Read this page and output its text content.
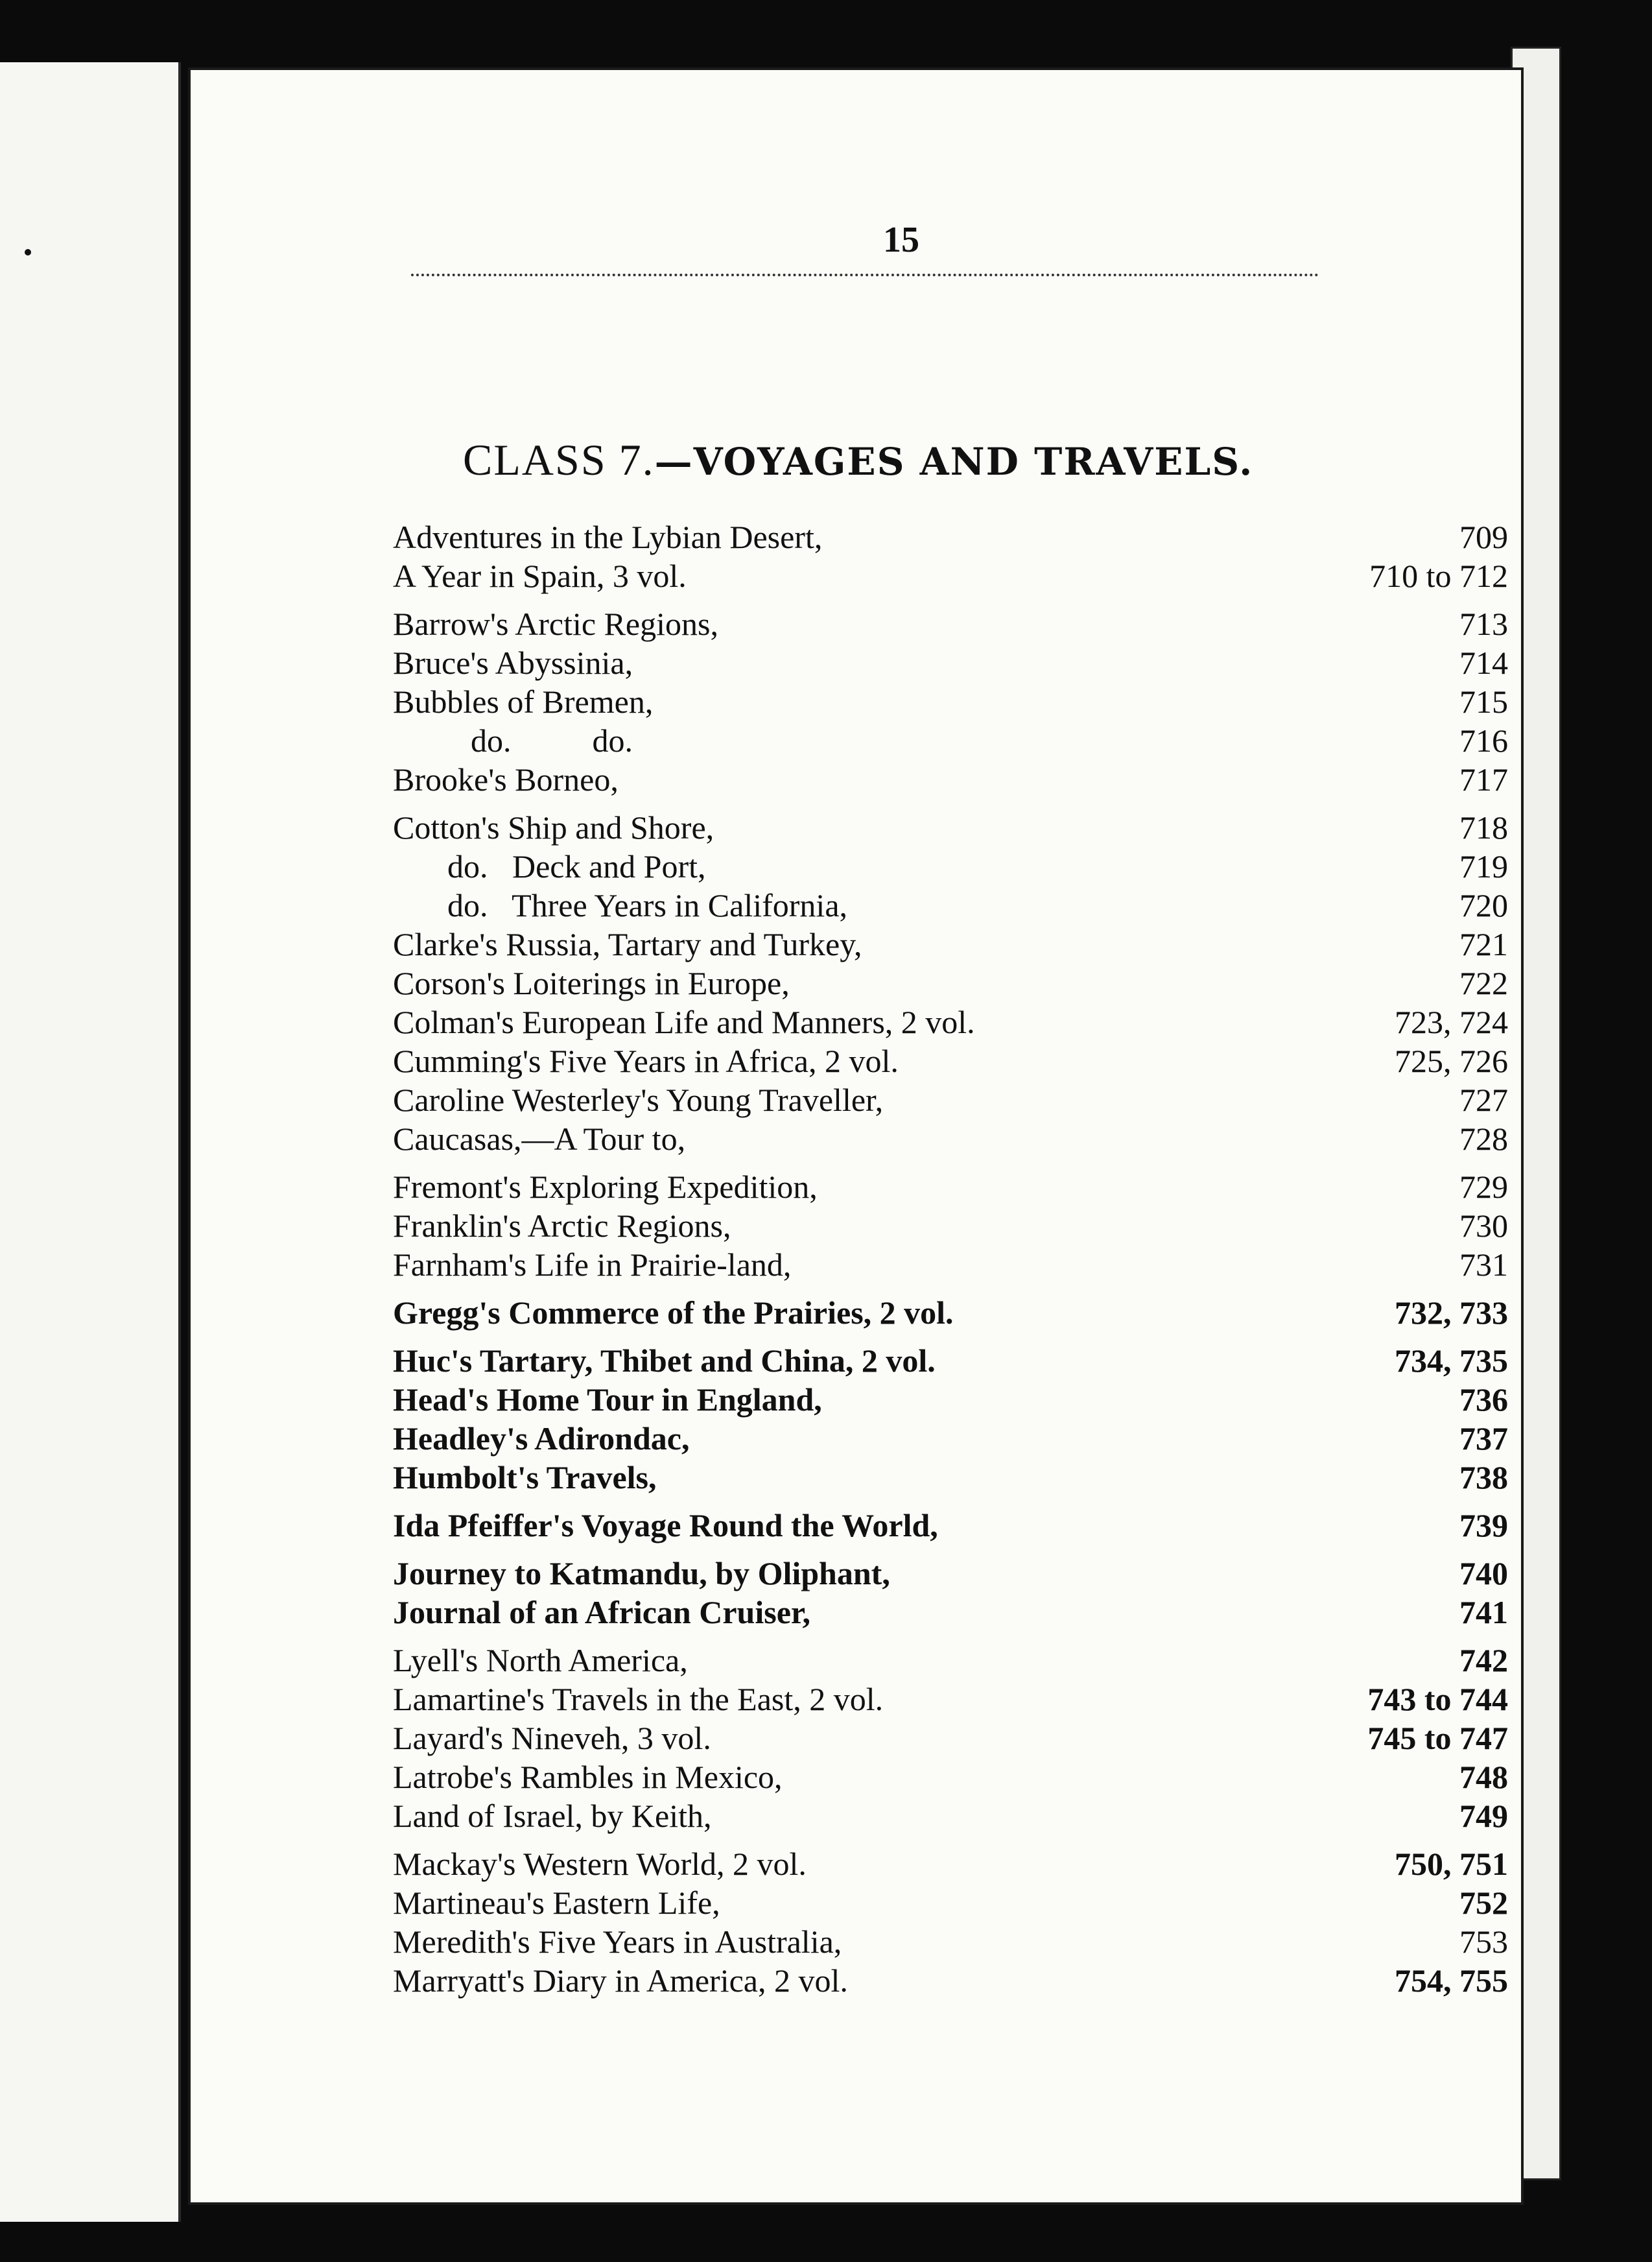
15
CLASS 7.—VOYAGES AND TRAVELS.
Adventures in the Lybian Desert,	709
A Year in Spain, 3 vol.	710 to 712
Barrow's Arctic Regions,	713
Bruce's Abyssinia,	714
Bubbles of Bremen,	715
do.          do.	716
Brooke's Borneo,	717
Cotton's Ship and Shore,	718
do.   Deck and Port,	719
do.   Three Years in California,	720
Clarke's Russia, Tartary and Turkey,	721
Corson's Loiterings in Europe,	722
Colman's European Life and Manners, 2 vol.	723, 724
Cumming's Five Years in Africa, 2 vol.	725, 726
Caroline Westerley's Young Traveller,	727
Caucasas,—A Tour to,	728
Fremont's Exploring Expedition,	729
Franklin's Arctic Regions,	730
Farnham's Life in Prairie-land,	731
Gregg's Commerce of the Prairies, 2 vol.	732, 733
Huc's Tartary, Thibet and China, 2 vol.	734, 735
Head's Home Tour in England,	736
Headley's Adirondac,	737
Humbolt's Travels,	738
Ida Pfeiffer's Voyage Round the World,	739
Journey to Katmandu, by Oliphant,	740
Journal of an African Cruiser,	741
Lyell's North America,	742
Lamartine's Travels in the East, 2 vol.	743 to 744
Layard's Nineveh, 3 vol.	745 to 747
Latrobe's Rambles in Mexico,	748
Land of Israel, by Keith,	749
Mackay's Western World, 2 vol.	750, 751
Martineau's Eastern Life,	752
Meredith's Five Years in Australia,	753
Marryatt's Diary in America, 2 vol.	754, 755
